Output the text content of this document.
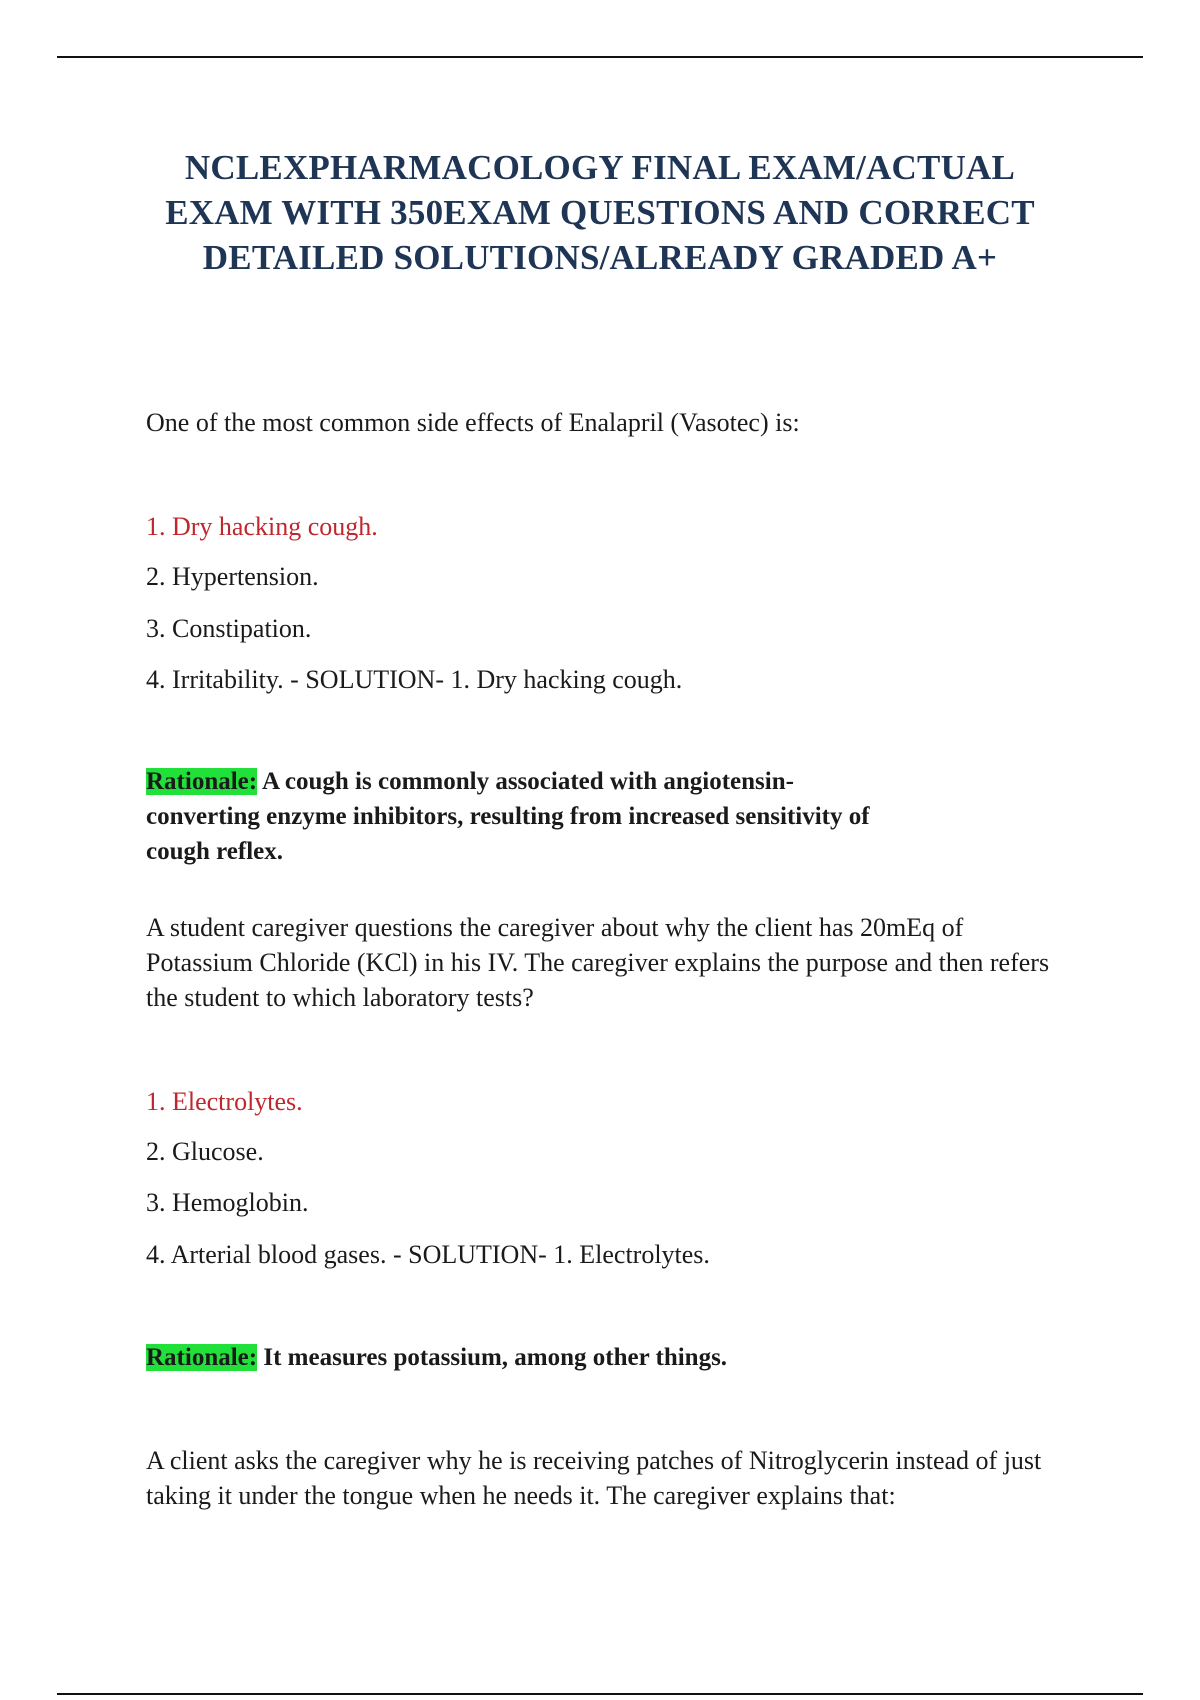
NCLEXPHARMACOLOGY FINAL EXAM/ACTUAL
EXAM WITH 350EXAM QUESTIONS AND CORRECT
DETAILED SOLUTIONS/ALREADY GRADED A+
One of the most common side effects of Enalapril (Vasotec) is:
1. Dry hacking cough.
2. Hypertension.
3. Constipation.
4. Irritability. - SOLUTION- 1. Dry hacking cough.
Rationale: A cough is commonly associated with angiotensin-
converting enzyme inhibitors, resulting from increased sensitivity of
cough reflex.
A student caregiver questions the caregiver about why the client has 20mEq of
Potassium Chloride (KCl) in his IV. The caregiver explains the purpose and then refers
the student to which laboratory tests?
1. Electrolytes.
2. Glucose.
3. Hemoglobin.
4. Arterial blood gases. - SOLUTION- 1. Electrolytes.
Rationale: It measures potassium, among other things.
A client asks the caregiver why he is receiving patches of Nitroglycerin instead of just
taking it under the tongue when he needs it. The caregiver explains that:
